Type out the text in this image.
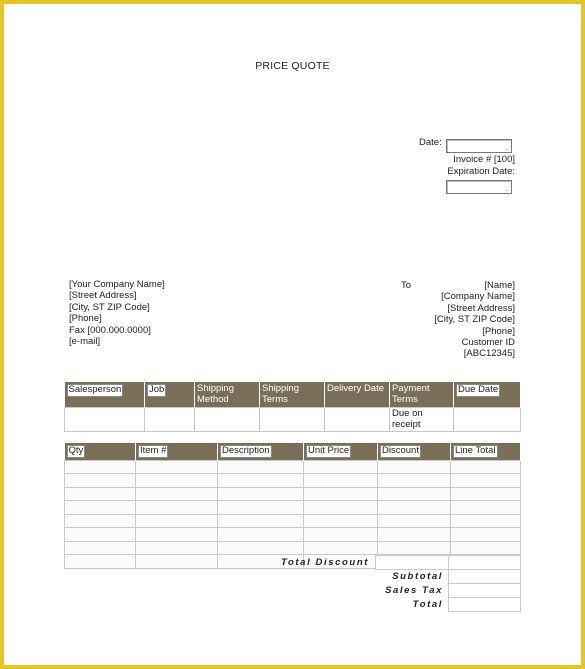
PRICE QUOTE
Date:
..
Invoice # [100]
Expiration Date:
..
[Your Company Name]
[Street Address]
[City, ST ZIP Code]
[Phone]
Fax [000.000.0000]
[e-mail]
To	[Name]
[Company Name]
[Street Address]
[City, ST ZIP Code]
[Phone]
Customer ID
[ABC12345]
Salesperson	Job	Shipping Method	Shipping Terms	Delivery Date	Payment Terms	Due Date
					Due on receipt	
Qty	Item #	Description	Unit Price	Discount	Line Total

Total Discount
Subtotal
Sales Tax
Total
